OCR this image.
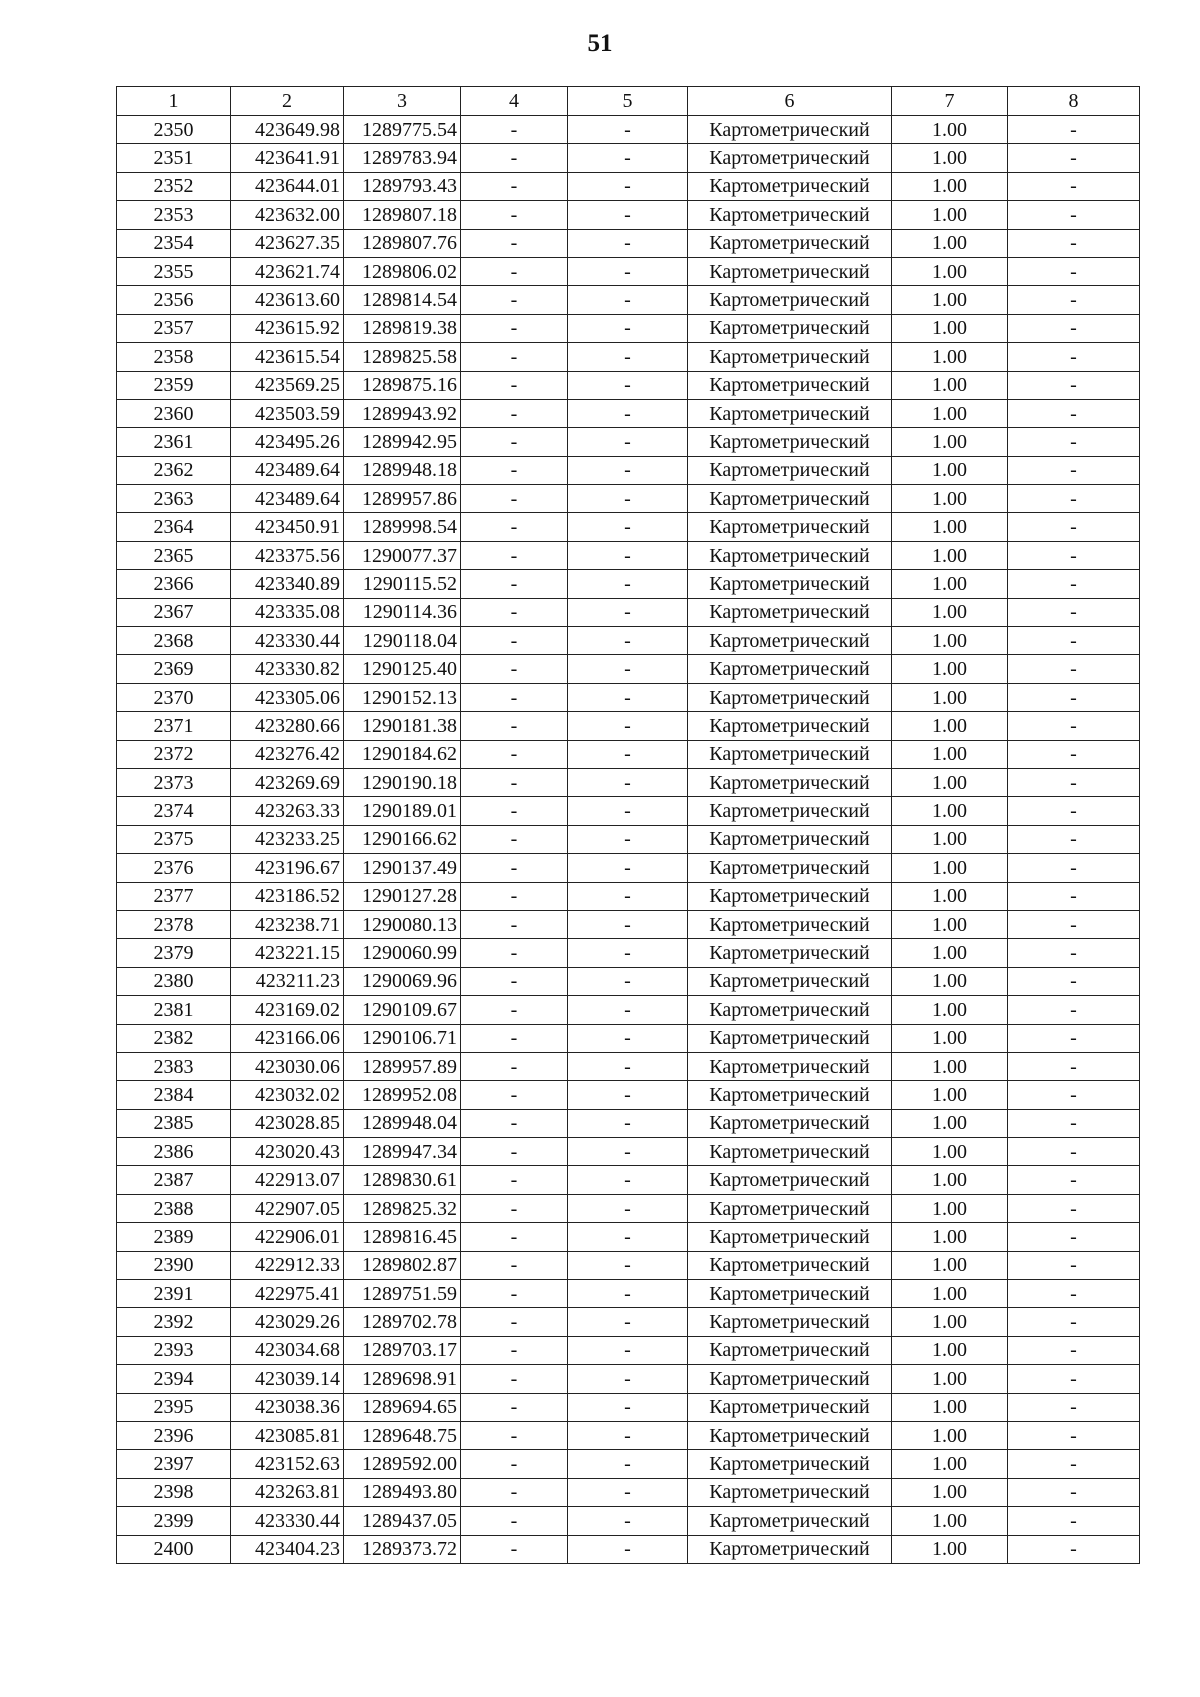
51
1	2	3	4	5	6	7	8
2350	423649.98	1289775.54	-	-	Картометрический	1.00	-
2351	423641.91	1289783.94	-	-	Картометрический	1.00	-
2352	423644.01	1289793.43	-	-	Картометрический	1.00	-
2353	423632.00	1289807.18	-	-	Картометрический	1.00	-
2354	423627.35	1289807.76	-	-	Картометрический	1.00	-
2355	423621.74	1289806.02	-	-	Картометрический	1.00	-
2356	423613.60	1289814.54	-	-	Картометрический	1.00	-
2357	423615.92	1289819.38	-	-	Картометрический	1.00	-
2358	423615.54	1289825.58	-	-	Картометрический	1.00	-
2359	423569.25	1289875.16	-	-	Картометрический	1.00	-
2360	423503.59	1289943.92	-	-	Картометрический	1.00	-
2361	423495.26	1289942.95	-	-	Картометрический	1.00	-
2362	423489.64	1289948.18	-	-	Картометрический	1.00	-
2363	423489.64	1289957.86	-	-	Картометрический	1.00	-
2364	423450.91	1289998.54	-	-	Картометрический	1.00	-
2365	423375.56	1290077.37	-	-	Картометрический	1.00	-
2366	423340.89	1290115.52	-	-	Картометрический	1.00	-
2367	423335.08	1290114.36	-	-	Картометрический	1.00	-
2368	423330.44	1290118.04	-	-	Картометрический	1.00	-
2369	423330.82	1290125.40	-	-	Картометрический	1.00	-
2370	423305.06	1290152.13	-	-	Картометрический	1.00	-
2371	423280.66	1290181.38	-	-	Картометрический	1.00	-
2372	423276.42	1290184.62	-	-	Картометрический	1.00	-
2373	423269.69	1290190.18	-	-	Картометрический	1.00	-
2374	423263.33	1290189.01	-	-	Картометрический	1.00	-
2375	423233.25	1290166.62	-	-	Картометрический	1.00	-
2376	423196.67	1290137.49	-	-	Картометрический	1.00	-
2377	423186.52	1290127.28	-	-	Картометрический	1.00	-
2378	423238.71	1290080.13	-	-	Картометрический	1.00	-
2379	423221.15	1290060.99	-	-	Картометрический	1.00	-
2380	423211.23	1290069.96	-	-	Картометрический	1.00	-
2381	423169.02	1290109.67	-	-	Картометрический	1.00	-
2382	423166.06	1290106.71	-	-	Картометрический	1.00	-
2383	423030.06	1289957.89	-	-	Картометрический	1.00	-
2384	423032.02	1289952.08	-	-	Картометрический	1.00	-
2385	423028.85	1289948.04	-	-	Картометрический	1.00	-
2386	423020.43	1289947.34	-	-	Картометрический	1.00	-
2387	422913.07	1289830.61	-	-	Картометрический	1.00	-
2388	422907.05	1289825.32	-	-	Картометрический	1.00	-
2389	422906.01	1289816.45	-	-	Картометрический	1.00	-
2390	422912.33	1289802.87	-	-	Картометрический	1.00	-
2391	422975.41	1289751.59	-	-	Картометрический	1.00	-
2392	423029.26	1289702.78	-	-	Картометрический	1.00	-
2393	423034.68	1289703.17	-	-	Картометрический	1.00	-
2394	423039.14	1289698.91	-	-	Картометрический	1.00	-
2395	423038.36	1289694.65	-	-	Картометрический	1.00	-
2396	423085.81	1289648.75	-	-	Картометрический	1.00	-
2397	423152.63	1289592.00	-	-	Картометрический	1.00	-
2398	423263.81	1289493.80	-	-	Картометрический	1.00	-
2399	423330.44	1289437.05	-	-	Картометрический	1.00	-
2400	423404.23	1289373.72	-	-	Картометрический	1.00	-
